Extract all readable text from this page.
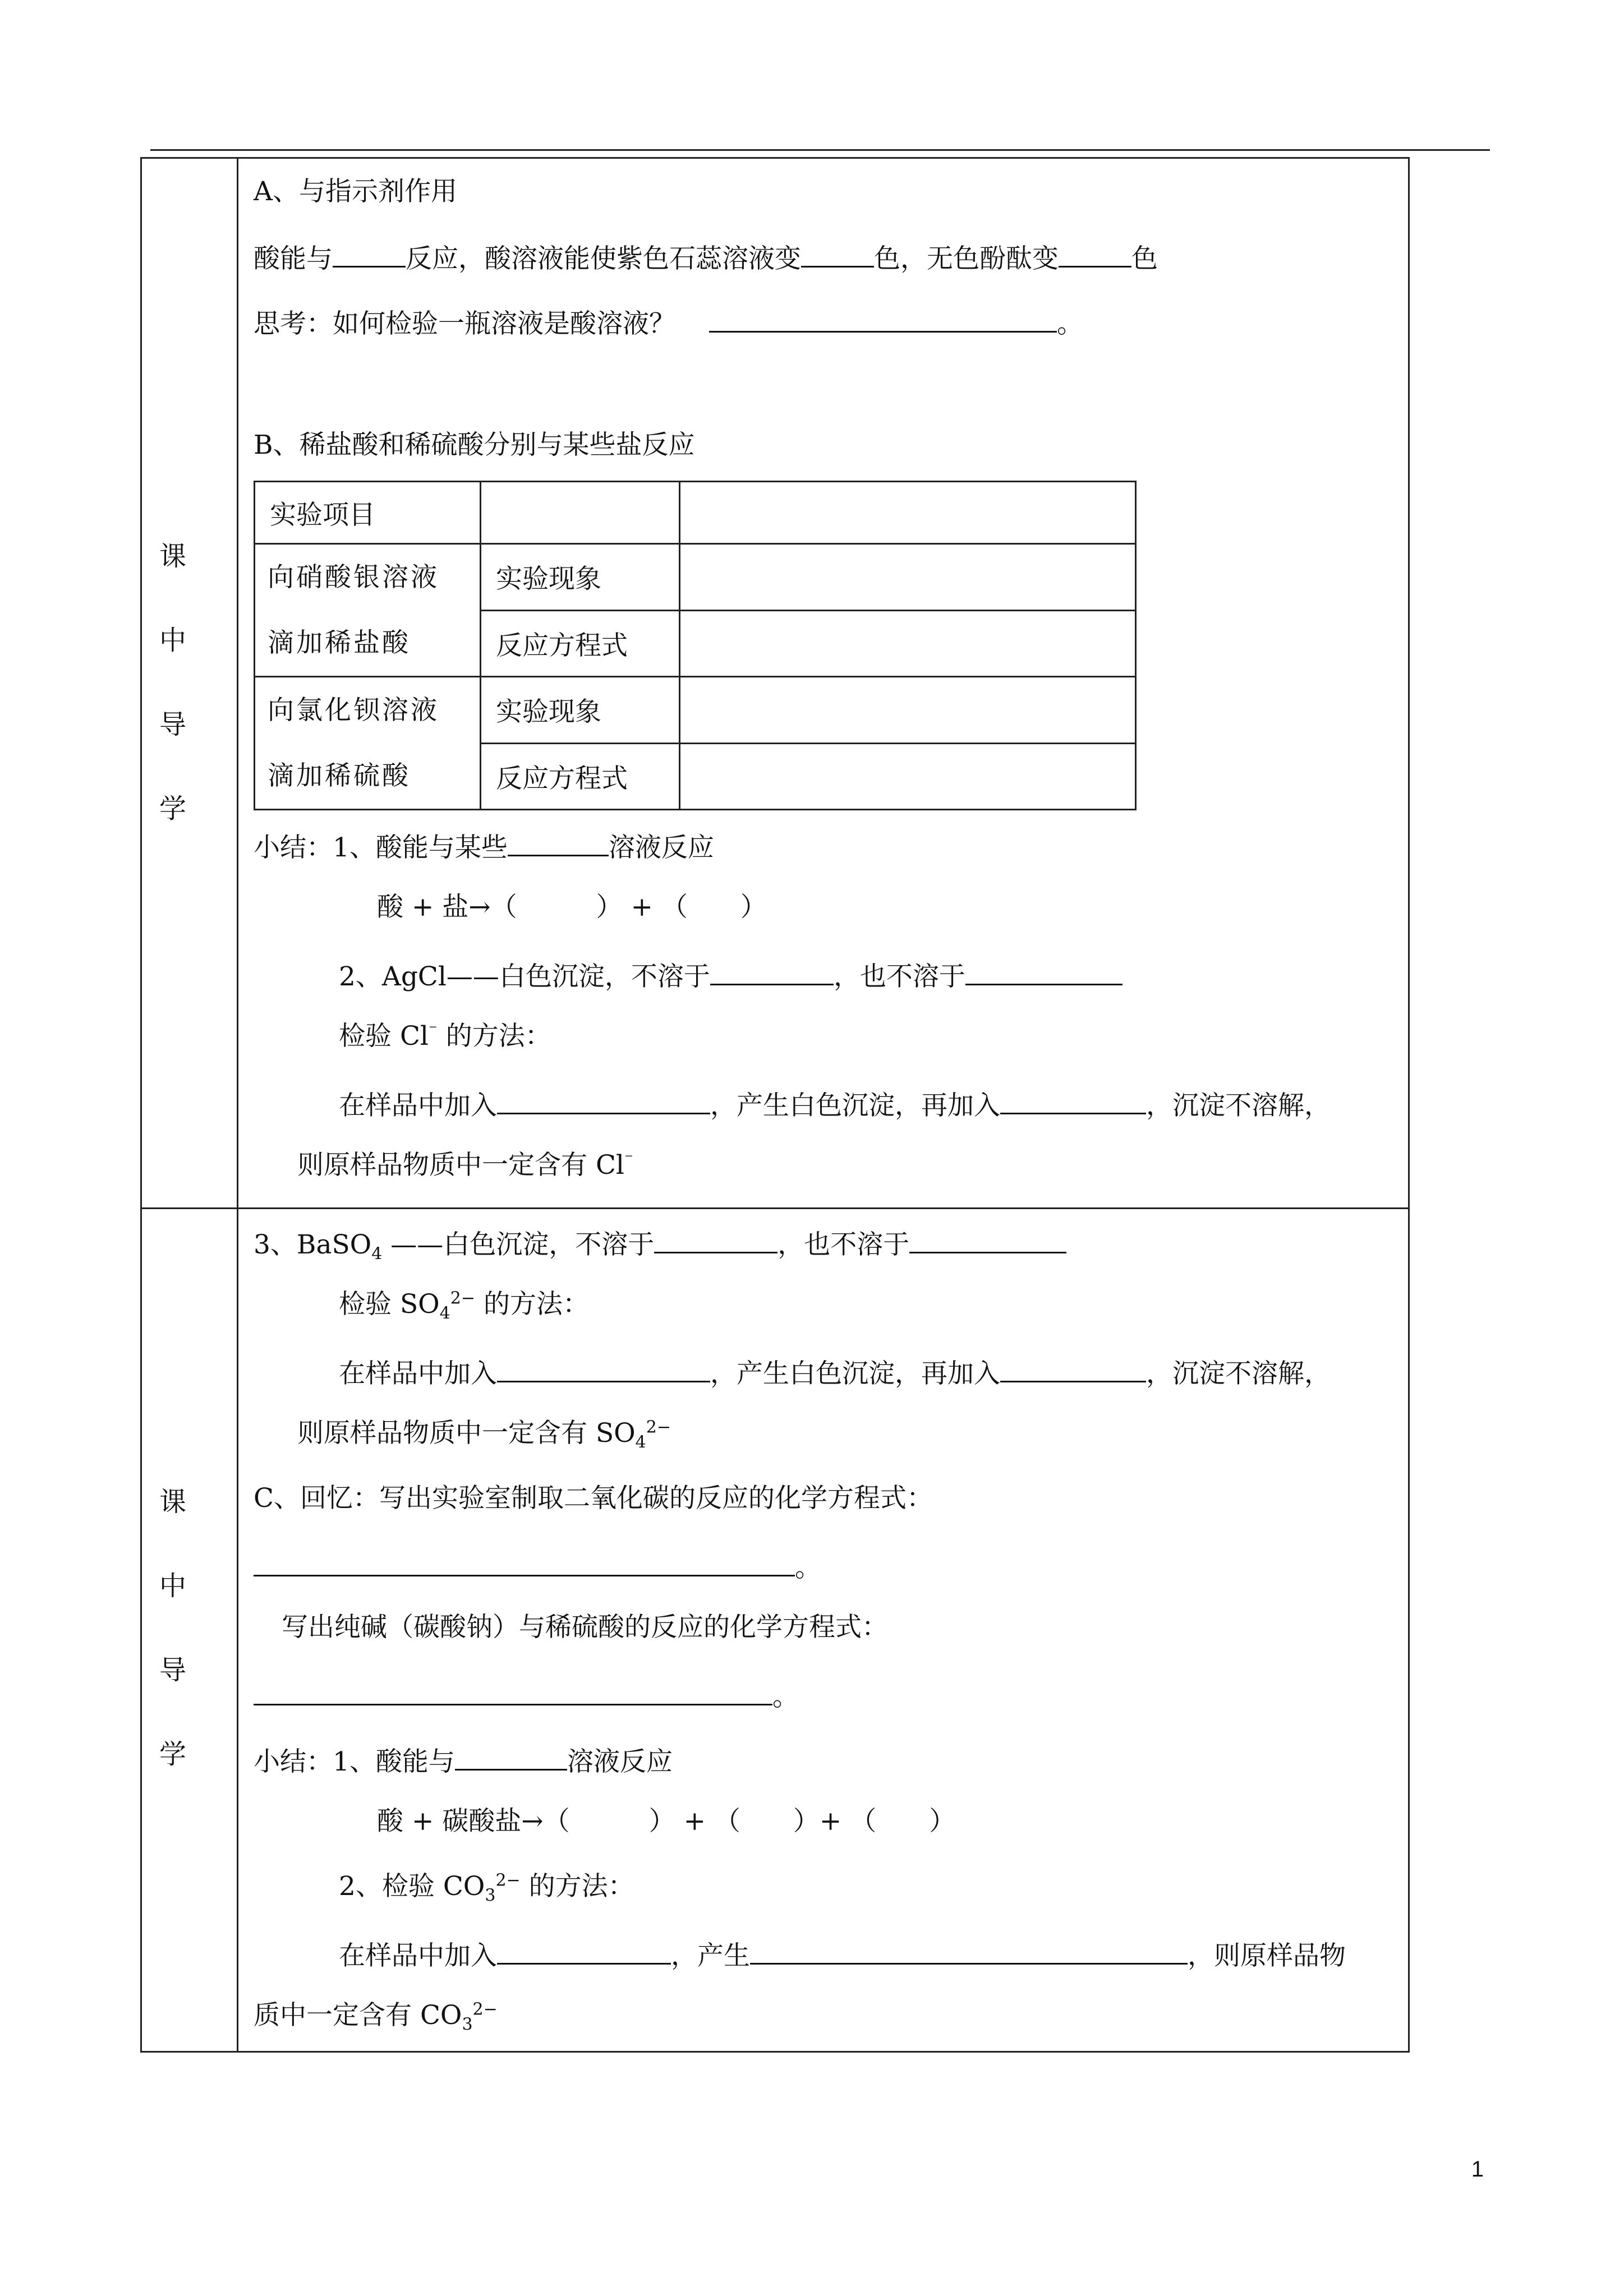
课
中
导
学
课
中
导
学
A、与指示剂作用
酸能与	反应，酸溶液能使紫色石蕊溶液变	色，无色酚酞变	色
思考：如何检验一瓶溶液是酸溶液？	。
B、稀盐酸和稀硫酸分别与某些盐反应
实验项目		
向硝酸银溶液滴加稀盐酸	实验现象	
	反应方程式	
向氯化钡溶液滴加稀硫酸	实验现象	
	反应方程式	
小结：1、酸能与某些	溶液反应
酸 + 盐→（　　　） + （　　）
2、AgCl——白色沉淀，不溶于	，也不溶于
检验 Cl⁻ 的方法：
在样品中加入	，产生白色沉淀，再加入	，沉淀不溶解，
则原样品物质中一定含有 Cl⁻
3、BaSO$_4$ ——白色沉淀，不溶于	，也不溶于
检验 $SO_4^{2-}$ 的方法：
在样品中加入	，产生白色沉淀，再加入	，沉淀不溶解，
则原样品物质中一定含有 $SO_4^{2-}$
C、回忆：写出实验室制取二氧化碳的反应的化学方程式：
。
写出纯碱（碳酸钠）与稀硫酸的反应的化学方程式：
。
小结：1、酸能与	溶液反应
酸 + 碳酸盐→（　　　） + （　　）+ （　　）
2、检验 $CO_3^{2-}$ 的方法：
在样品中加入	，产生	，则原样品物
质中一定含有 $CO_3^{2-}$
1
